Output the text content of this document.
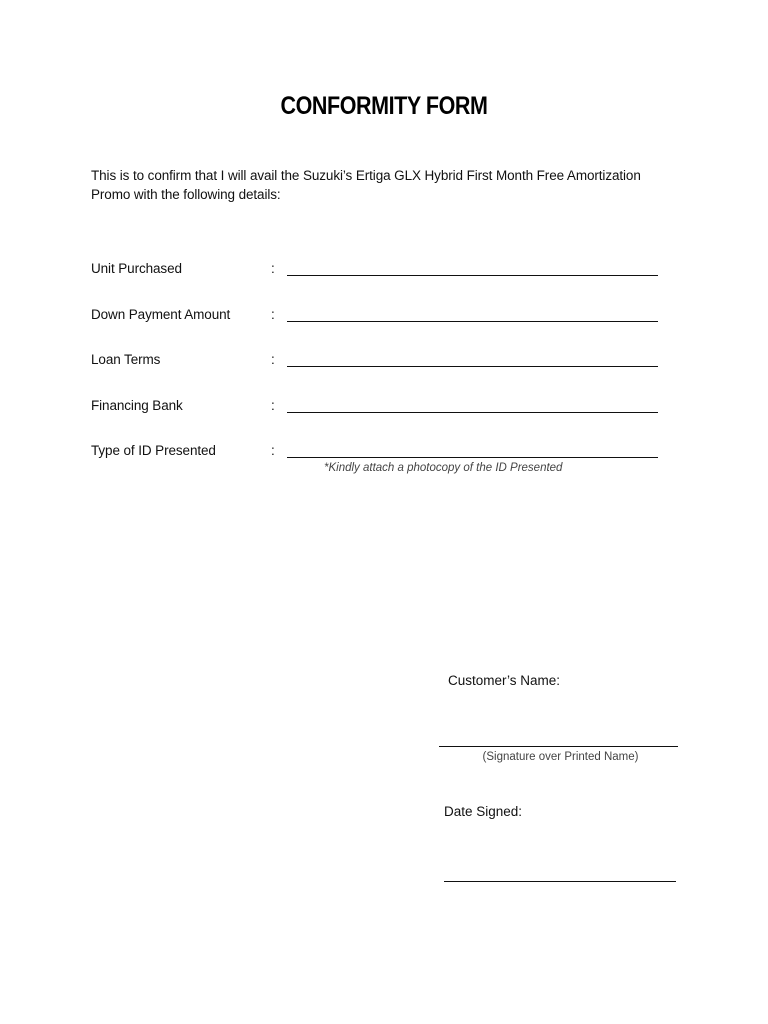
CONFORMITY FORM
This is to confirm that I will avail the Suzuki’s Ertiga GLX Hybrid First Month Free Amortization Promo with the following details:
Unit Purchased	:
Down Payment Amount	:
Loan Terms	:
Financing Bank	:
Type of ID Presented	:
*Kindly attach a photocopy of the ID Presented
Customer’s Name:
(Signature over Printed Name)
Date Signed:
